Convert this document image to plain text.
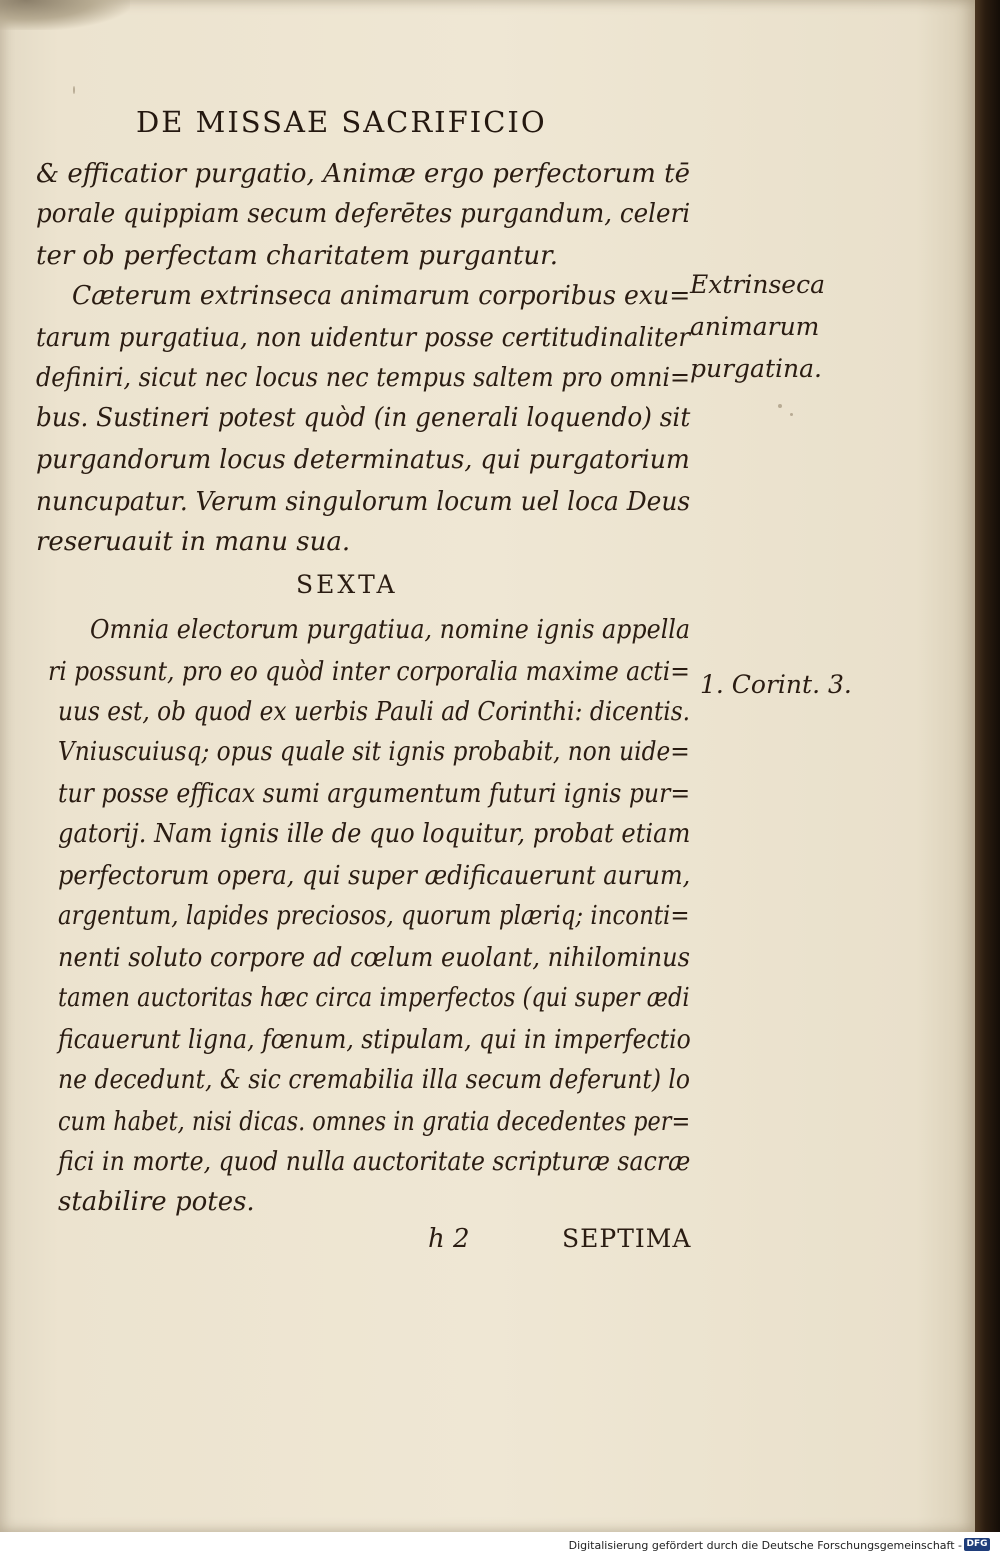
DE MISSAE SACRIFICIO
& efficatior purgatio, Animæ ergo perfectorum tē
porale quippiam secum deferētes purgandum, celeri
ter ob perfectam charitatem purgantur.
Cæterum extrinseca animarum corporibus exu=
tarum purgatiua, non uidentur posse certitudinaliter
definiri, sicut nec locus nec tempus saltem pro omni=
bus. Sustineri potest quòd (in generali loquendo) sit
purgandorum locus determinatus, qui purgatorium
nuncupatur. Verum singulorum locum uel loca Deus
reseruauit in manu sua.
SEXTA
Omnia electorum purgatiua, nomine ignis appella
ri possunt, pro eo quòd inter corporalia maxime acti=
uus est, ob quod ex uerbis Pauli ad Corinthi: dicentis.
Vniuscuiusq; opus quale sit ignis probabit, non uide=
tur posse efficax sumi argumentum futuri ignis pur=
gatorij. Nam ignis ille de quo loquitur, probat etiam
perfectorum opera, qui super ædificauerunt aurum,
argentum, lapides preciosos, quorum plæriq; inconti=
nenti soluto corpore ad cœlum euolant, nihilominus
tamen auctoritas hæc circa imperfectos (qui super ædi
ficauerunt ligna, fœnum, stipulam, qui in imperfectio
ne decedunt, & sic cremabilia illa secum deferunt) lo
cum habet, nisi dicas. omnes in gratia decedentes per=
fici in morte, quod nulla auctoritate scripturæ sacræ
stabilire potes.
Extrinseca
animarum
purgatina.
1. Corint. 3.
h 2	SEPTIMA
Digitalisierung gefördert durch die Deutsche Forschungsgemeinschaft - DFG
